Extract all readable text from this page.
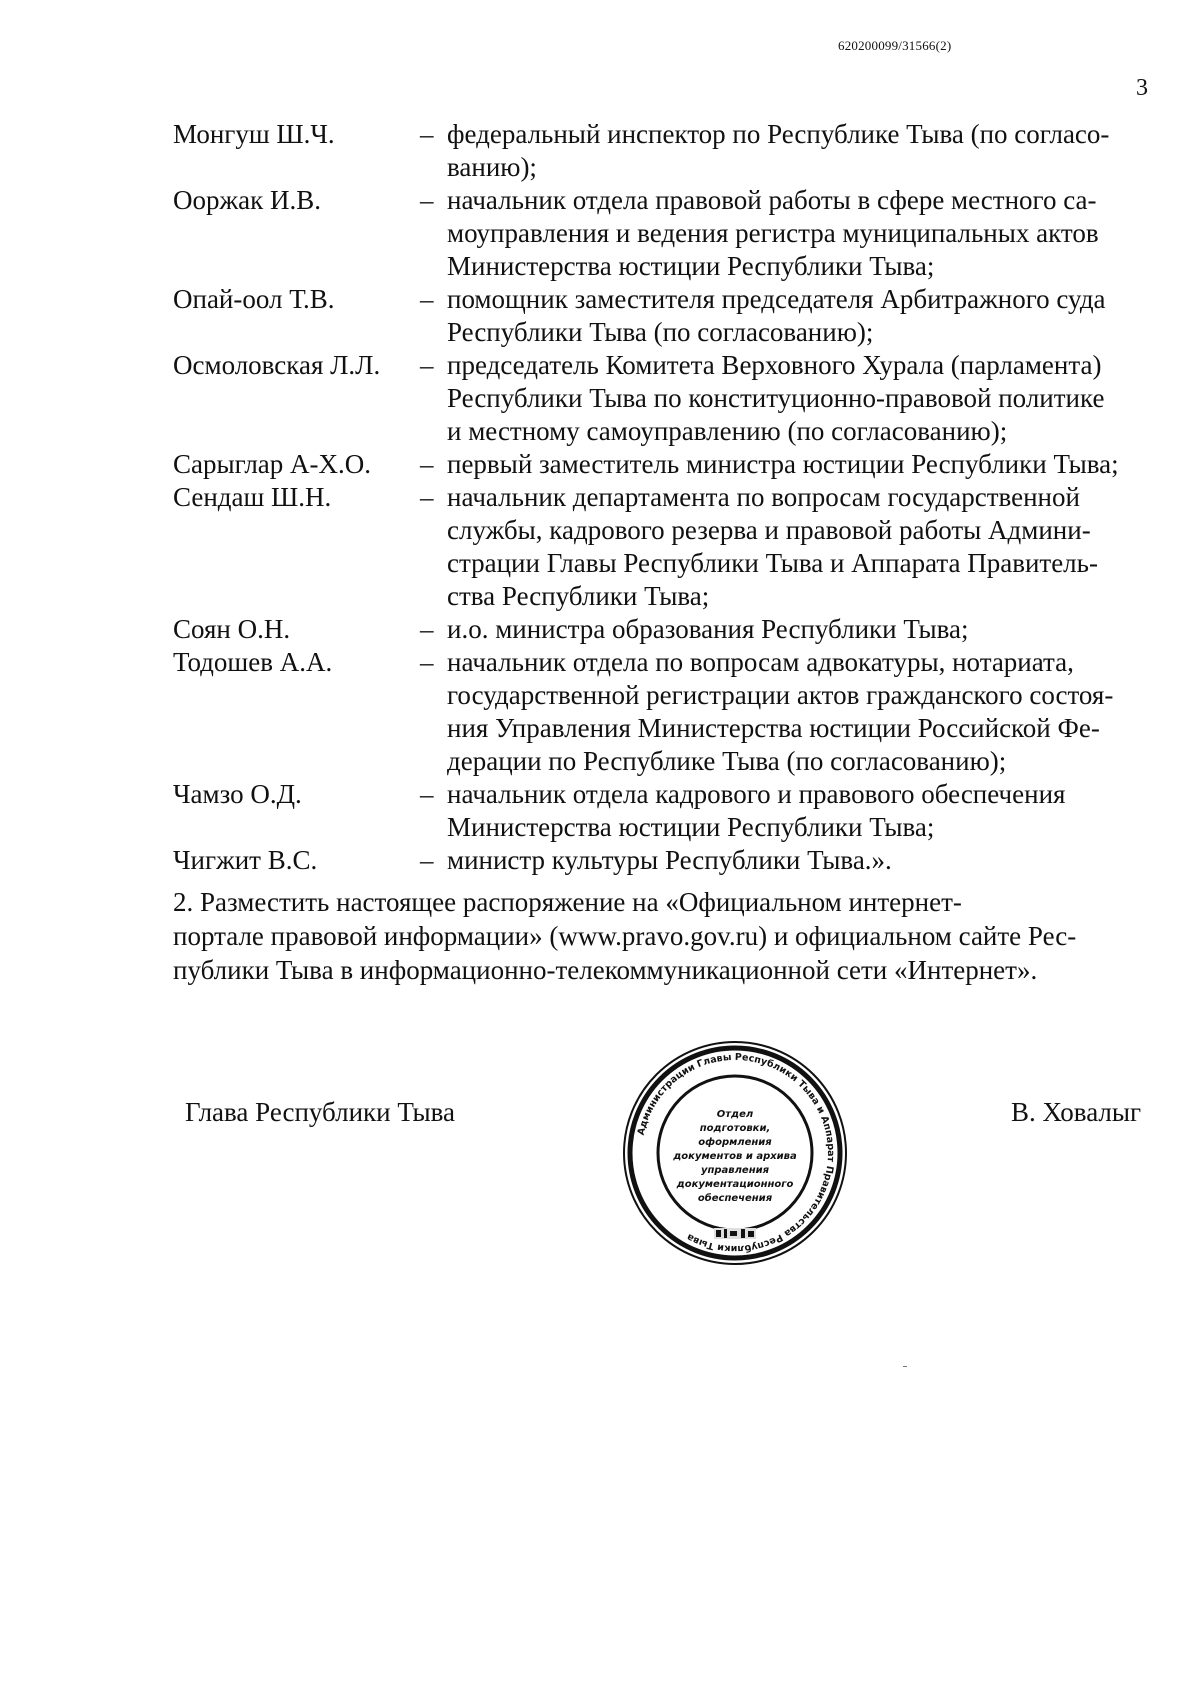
620200099/31566(2)
3
Монгуш Ш.Ч.	– федеральный инспектор по Республике Тыва (по согласо-
ванию);
Ооржак И.В.	– начальник отдела правовой работы в сфере местного са-
моуправления и ведения регистра муниципальных актов
Министерства юстиции Республики Тыва;
Опай-оол Т.В.	– помощник заместителя председателя Арбитражного суда
Республики Тыва (по согласованию);
Осмоловская Л.Л.	– председатель Комитета Верховного Хурала (парламента)
Республики Тыва по конституционно-правовой политике
и местному самоуправлению (по согласованию);
Сарыглар А-Х.О.	– первый заместитель министра юстиции Республики Тыва;
Сендаш Ш.Н.	– начальник департамента по вопросам государственной
службы, кадрового резерва и правовой работы Админи-
страции Главы Республики Тыва и Аппарата Правитель-
ства Республики Тыва;
Соян О.Н.	– и.о. министра образования Республики Тыва;
Тодошев А.А.	– начальник отдела по вопросам адвокатуры, нотариата,
государственной регистрации актов гражданского состоя-
ния Управления Министерства юстиции Российской Фе-
дерации по Республике Тыва (по согласованию);
Чамзо О.Д.	– начальник отдела кадрового и правового обеспечения
Министерства юстиции Республики Тыва;
Чигжит В.С.	– министр культуры Республики Тыва.».
2. Разместить настоящее распоряжение на «Официальном интернет-
портале правовой информации» (www.pravo.gov.ru) и официальном сайте Рес-
публики Тыва в информационно-телекоммуникационной сети «Интернет».
Глава Республики Тыва
Администрации Главы Республики Тыва и Аппарат Правительства Республики Тыва
Отдел
подготовки,
оформления
документов и архива
управления
документационного
обеспечения
В. Ховалыг
